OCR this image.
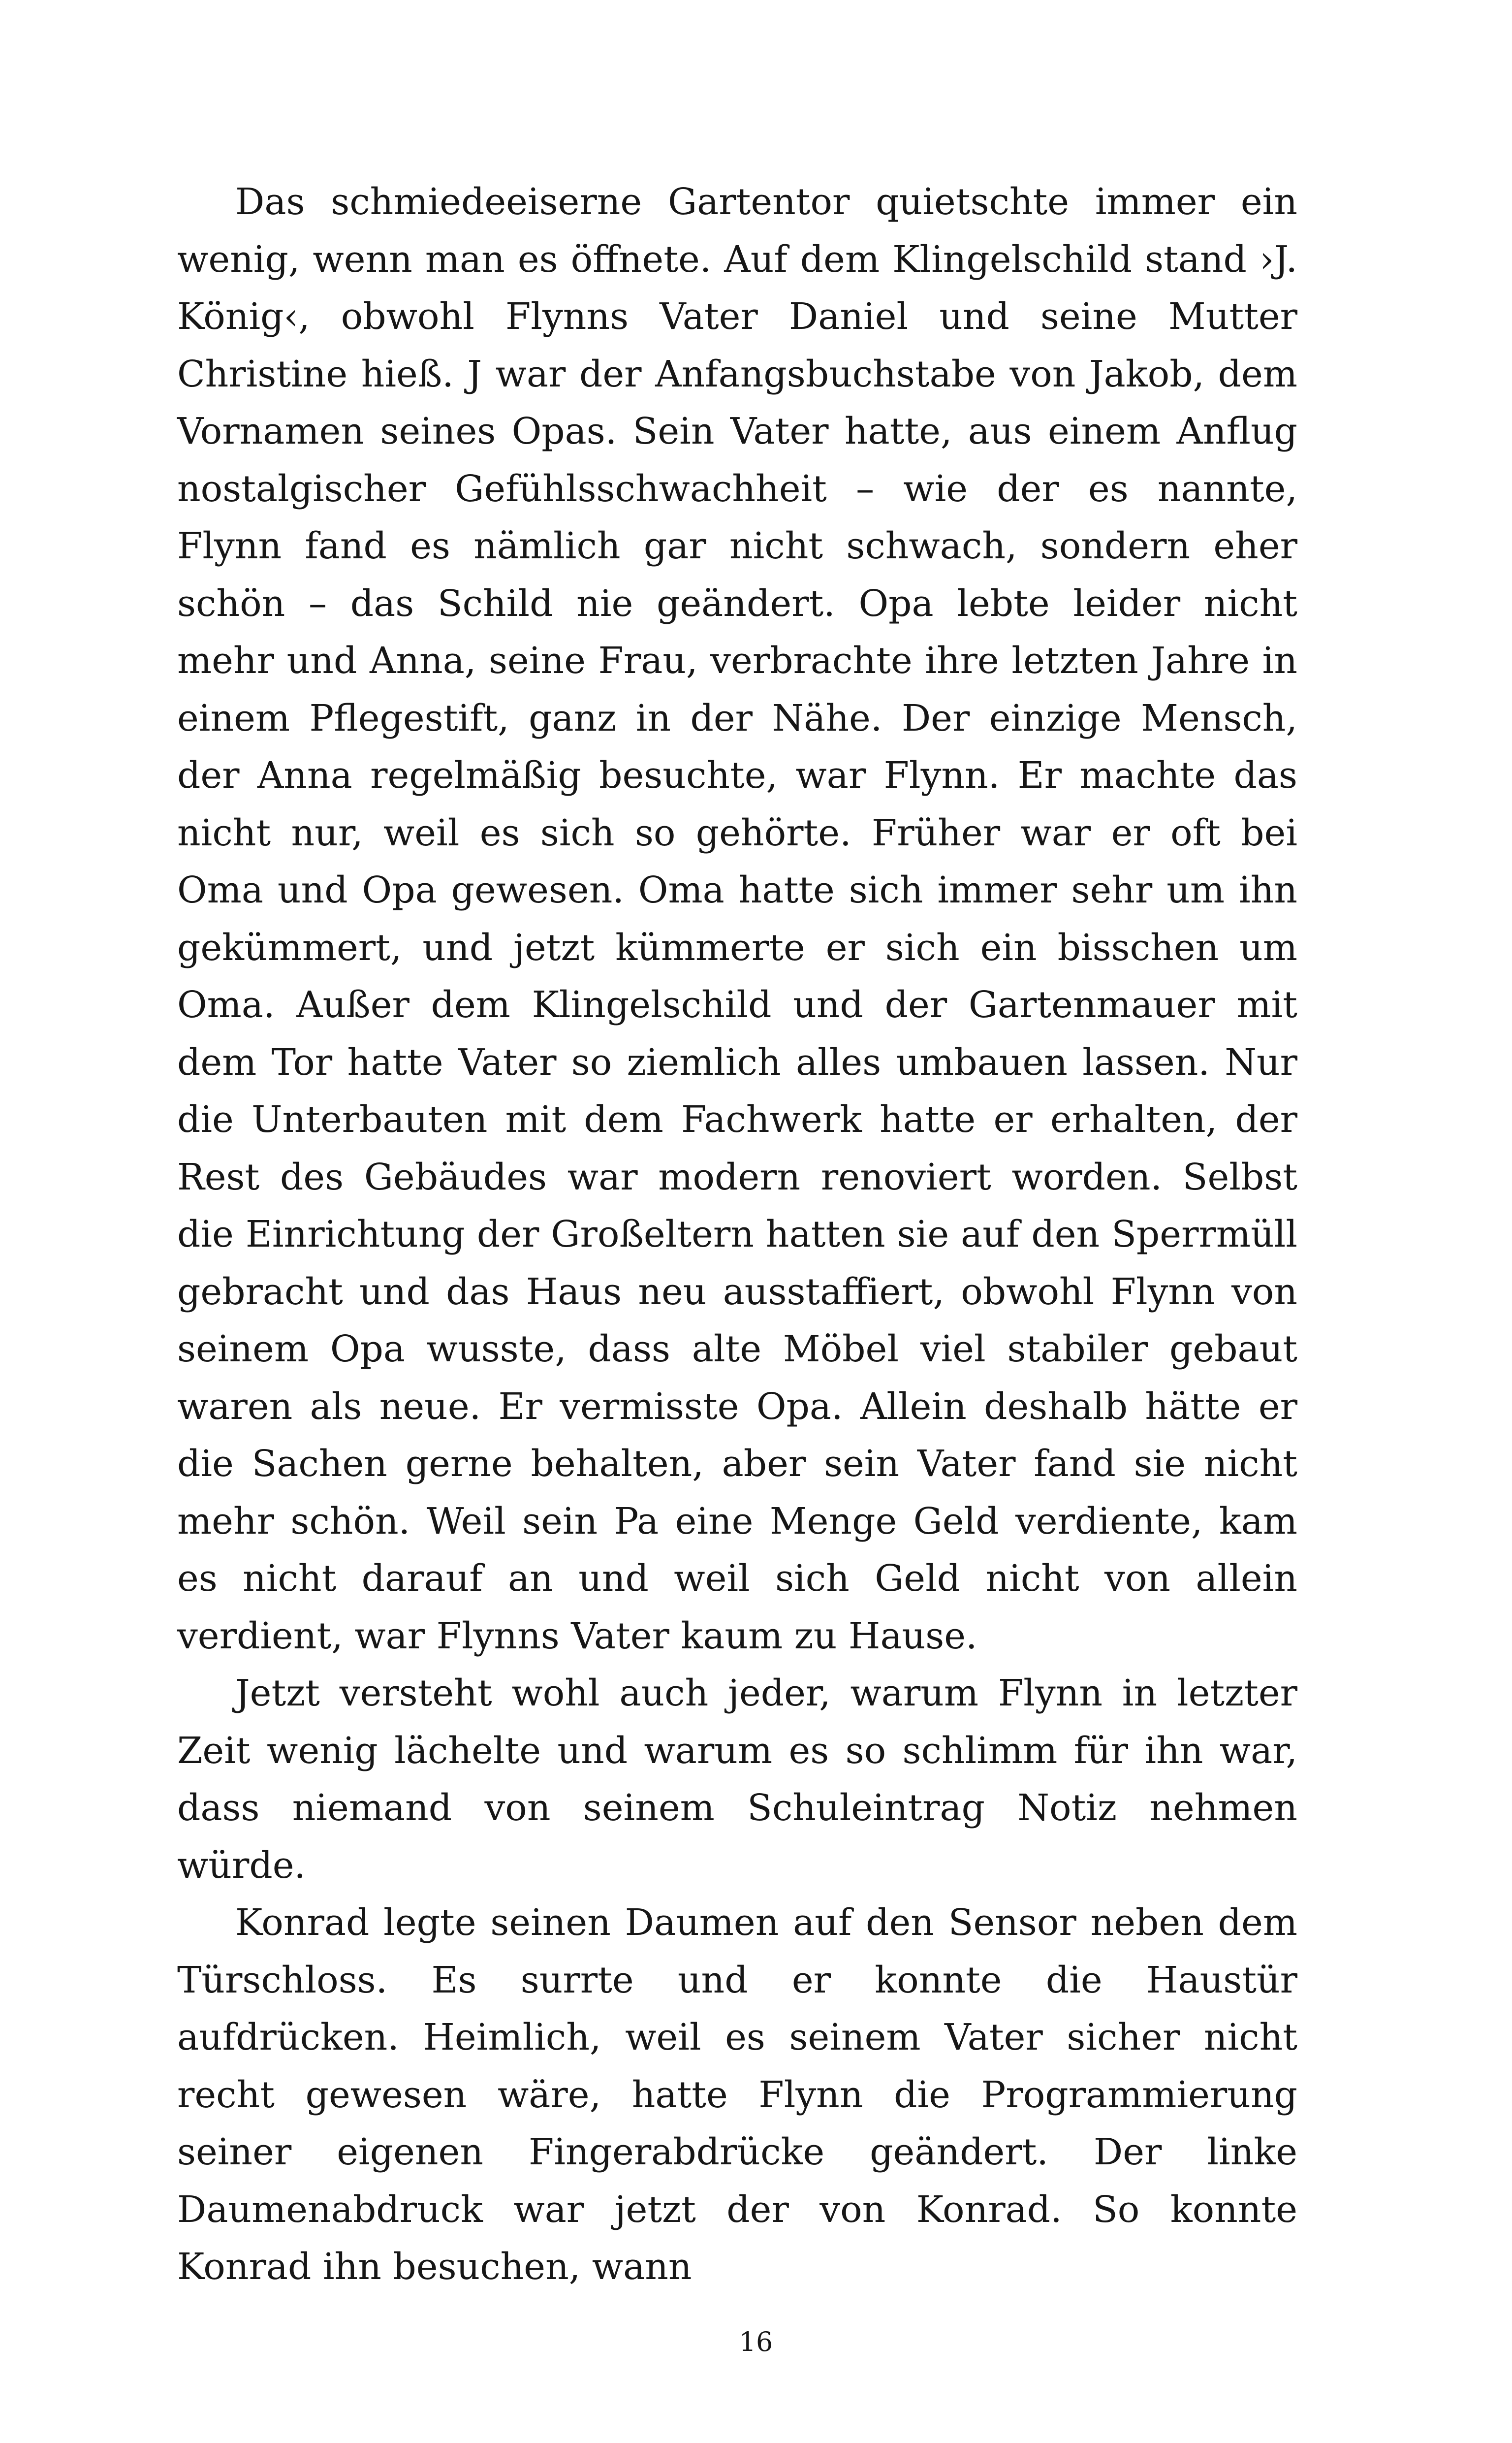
Das schmiedeeiserne Gartentor quietschte immer ein wenig, wenn man es öffnete. Auf dem Klingelschild stand ›J. König‹, obwohl Flynns Vater Daniel und seine Mutter Christine hieß. J war der Anfangsbuchstabe von Jakob, dem Vornamen seines Opas. Sein Vater hatte, aus einem Anflug nostalgischer Gefühlsschwachheit – wie der es nannte, Flynn fand es nämlich gar nicht schwach, sondern eher schön – das Schild nie geändert. Opa lebte leider nicht mehr und Anna, seine Frau, verbrachte ihre letzten Jahre in einem Pflegestift, ganz in der Nähe. Der einzige Mensch, der Anna regelmäßig besuchte, war Flynn. Er machte das nicht nur, weil es sich so gehörte. Früher war er oft bei Oma und Opa gewesen. Oma hatte sich immer sehr um ihn gekümmert, und jetzt kümmerte er sich ein bisschen um Oma. Außer dem Klingelschild und der Gartenmauer mit dem Tor hatte Vater so ziemlich alles umbauen lassen. Nur die Unterbauten mit dem Fachwerk hatte er erhalten, der Rest des Gebäudes war modern renoviert worden. Selbst die Einrichtung der Großeltern hatten sie auf den Sperrmüll gebracht und das Haus neu ausstaffiert, obwohl Flynn von seinem Opa wusste, dass alte Möbel viel stabiler gebaut waren als neue. Er vermisste Opa. Allein deshalb hätte er die Sachen gerne behalten, aber sein Vater fand sie nicht mehr schön. Weil sein Pa eine Menge Geld verdiente, kam es nicht darauf an und weil sich Geld nicht von allein verdient, war Flynns Vater kaum zu Hause.

Jetzt versteht wohl auch jeder, warum Flynn in letzter Zeit wenig lächelte und warum es so schlimm für ihn war, dass niemand von seinem Schuleintrag Notiz nehmen würde.

Konrad legte seinen Daumen auf den Sensor neben dem Türschloss. Es surrte und er konnte die Haustür aufdrücken. Heimlich, weil es seinem Vater sicher nicht recht gewesen wäre, hatte Flynn die Programmierung seiner eigenen Fingerabdrücke geändert. Der linke Daumenabdruck war jetzt der von Konrad. So konnte Konrad ihn besuchen, wann

16
